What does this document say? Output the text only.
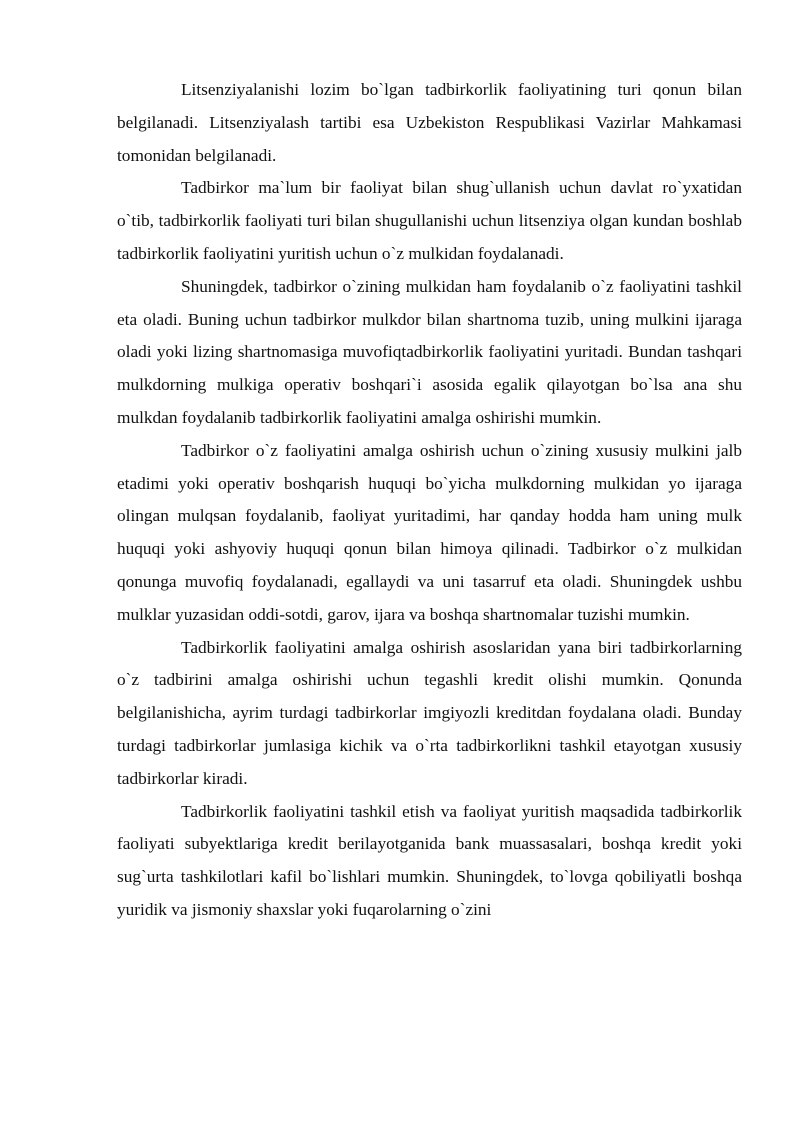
Litsenziyalanishi lozim bo`lgan tadbirkorlik faoliyatining turi qonun bilan belgilanadi. Litsenziyalash tartibi esa Uzbekiston Respublikasi Vazirlar Mahkamasi tomonidan belgilanadi.

Tadbirkor ma`lum bir faoliyat bilan shug`ullanish uchun davlat ro`yxatidan o`tib, tadbirkorlik faoliyati turi bilan shugullanishi uchun litsenziya olgan kundan boshlab tadbirkorlik faoliyatini yuritish uchun o`z mulkidan foydalanadi.

Shuningdek, tadbirkor o`zining mulkidan ham foydalanib o`z faoliyatini tashkil eta oladi. Buning uchun tadbirkor mulkdor bilan shartnoma tuzib, uning mulkini ijaraga oladi yoki lizing shartnomasiga muvofiqtadbirkorlik faoliyatini yuritadi. Bundan tashqari mulkdorning mulkiga operativ boshqari`i asosida egalik qilayotgan bo`lsa ana shu mulkdan foydalanib tadbirkorlik faoliyatini amalga oshirishi mumkin.

Tadbirkor o`z faoliyatini amalga oshirish uchun o`zining xususiy mulkini jalb etadimi yoki operativ boshqarish huquqi bo`yicha mulkdorning mulkidan yo ijaraga olingan mulqsan foydalanib, faoliyat yuritadimi, har qanday hodda ham uning mulk huquqi yoki ashyoviy huquqi qonun bilan himoya qilinadi. Tadbirkor o`z mulkidan qonunga muvofiq foydalanadi, egallaydi va uni tasarruf eta oladi. Shuningdek ushbu mulklar yuzasidan oddi-sotdi, garov, ijara va boshqa shartnomalar tuzishi mumkin.

Tadbirkorlik faoliyatini amalga oshirish asoslaridan yana biri tadbirkorlarning o`z tadbirini amalga oshirishi uchun tegashli kredit olishi mumkin. Qonunda belgilanishicha, ayrim turdagi tadbirkorlar imgiyozli kreditdan foydalana oladi. Bunday turdagi tadbirkorlar jumlasiga kichik va o`rta tadbirkorlikni tashkil etayotgan xususiy tadbirkorlar kiradi.

Tadbirkorlik faoliyatini tashkil etish va faoliyat yuritish maqsadida tadbirkorlik faoliyati subyektlariga kredit berilayotganida bank muassasalari, boshqa kredit yoki sug`urta tashkilotlari kafil bo`lishlari mumkin. Shuningdek, to`lovga qobiliyatli boshqa yuridik va jismoniy shaxslar yoki fuqarolarning o`zini
